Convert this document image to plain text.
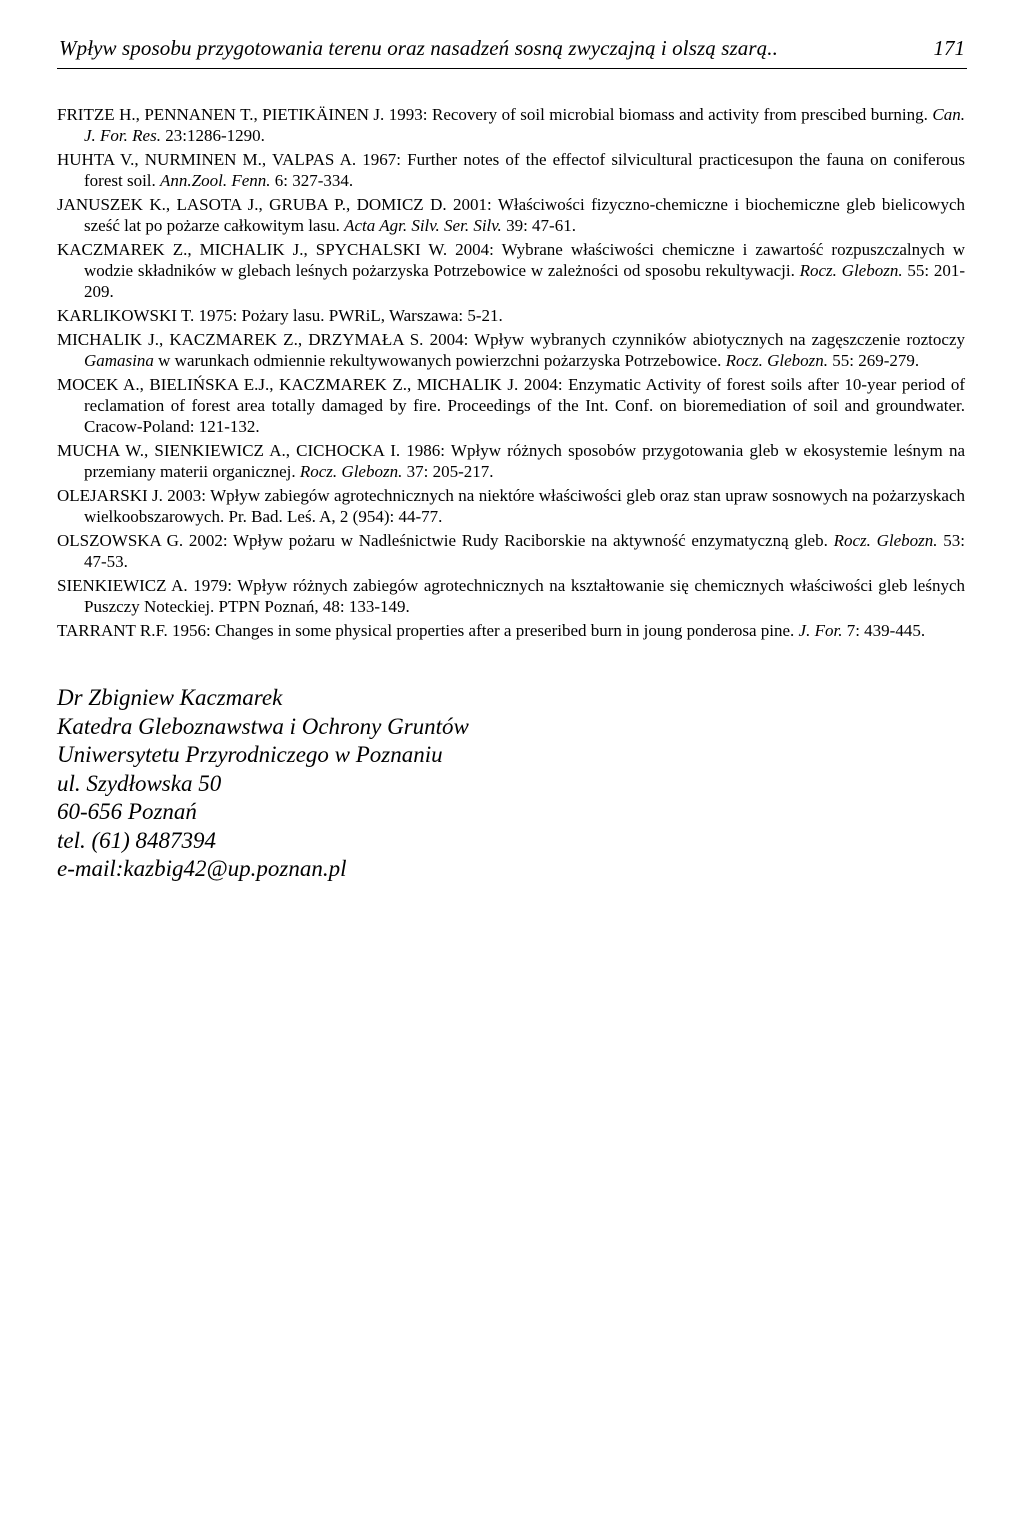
Wpływ sposobu przygotowania terenu oraz nasadzeń sosną zwyczajną i olszą szarą..	171
FRITZE H., PENNANEN T., PIETIKÄINEN J. 1993: Recovery of soil microbial biomass and activity from prescibed burning. Can. J. For. Res. 23:1286-1290.
HUHTA V., NURMINEN M., VALPAS A. 1967: Further notes of the effectof silvicultural practicesupon the fauna on coniferous forest soil. Ann.Zool. Fenn. 6: 327-334.
JANUSZEK K., LASOTA J., GRUBA P., DOMICZ D. 2001: Właściwości fizyczno-chemiczne i biochemiczne gleb bielicowych sześć lat po pożarze całkowitym lasu. Acta Agr. Silv. Ser. Silv. 39: 47-61.
KACZMAREK Z., MICHALIK J., SPYCHALSKI W. 2004: Wybrane właściwości chemiczne i zawartość rozpuszczalnych w wodzie składników w glebach leśnych pożarzyska Potrzebowice w zależności od sposobu rekultywacji. Rocz. Glebozn. 55: 201-209.
KARLIKOWSKI T. 1975: Pożary lasu. PWRiL, Warszawa: 5-21.
MICHALIK J., KACZMAREK Z., DRZYMAŁA S. 2004: Wpływ wybranych czynników abiotycznych na zagęszczenie roztoczy Gamasina w warunkach odmiennie rekultywowanych powierzchni pożarzyska Potrzebowice. Rocz. Glebozn. 55: 269-279.
MOCEK A., BIELIŃSKA E.J., KACZMAREK Z., MICHALIK J. 2004: Enzymatic Activity of forest soils after 10-year period of reclamation of forest area totally damaged by fire. Proceedings of the Int. Conf. on bioremediation of soil and groundwater. Cracow-Poland: 121-132.
MUCHA W., SIENKIEWICZ A., CICHOCKA I. 1986: Wpływ różnych sposobów przygotowania gleb w ekosystemie leśnym na przemiany materii organicznej. Rocz. Glebozn. 37: 205-217.
OLEJARSKI J. 2003: Wpływ zabiegów agrotechnicznych na niektóre właściwości gleb oraz stan upraw sosnowych na pożarzyskach wielkoobszarowych. Pr. Bad. Leś. A, 2 (954): 44-77.
OLSZOWSKA G. 2002: Wpływ pożaru w Nadleśnictwie Rudy Raciborskie na aktywność enzymatyczną gleb. Rocz. Glebozn. 53: 47-53.
SIENKIEWICZ A. 1979: Wpływ różnych zabiegów agrotechnicznych na kształtowanie się chemicznych właściwości gleb leśnych Puszczy Noteckiej. PTPN Poznań, 48: 133-149.
TARRANT R.F. 1956: Changes in some physical properties after a preseribed burn in joung ponderosa pine. J. For. 7: 439-445.
Dr Zbigniew Kaczmarek
Katedra Gleboznawstwa i Ochrony Gruntów
Uniwersytetu Przyrodniczego w Poznaniu
ul. Szydłowska 50
60-656 Poznań
tel. (61) 8487394
e-mail:kazbig42@up.poznan.pl
